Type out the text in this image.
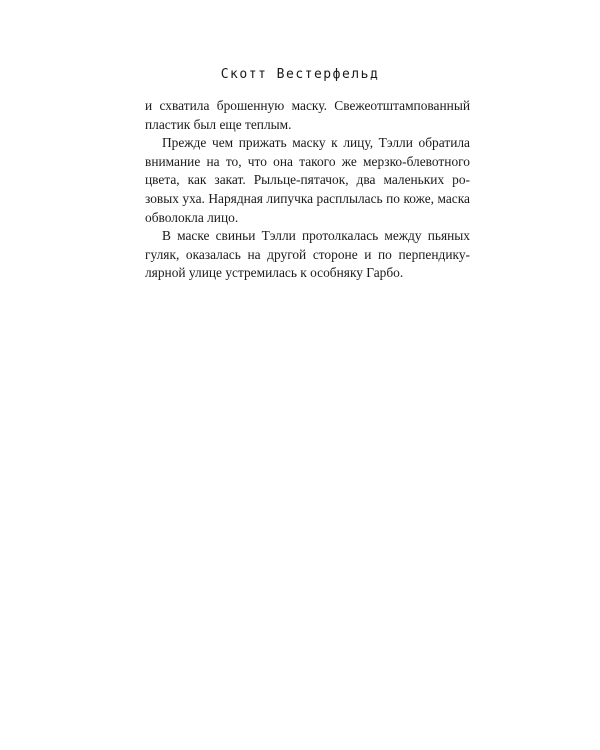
Скотт Вестерфельд
и схватила брошенную маску. Свежеотштампованный
пластик был еще теплым.
Прежде чем прижать маску к лицу, Тэлли обратила
внимание на то, что она такого же мерзко-блевотного
цвета, как закат. Рыльце-пятачок, два маленьких ро-
зовых уха. Нарядная липучка расплылась по коже, маска
обволокла лицо.
В маске свиньи Тэлли протолкалась между пьяных
гуляк, оказалась на другой стороне и по перпендику-
лярной улице устремилась к особняку Гарбо.
